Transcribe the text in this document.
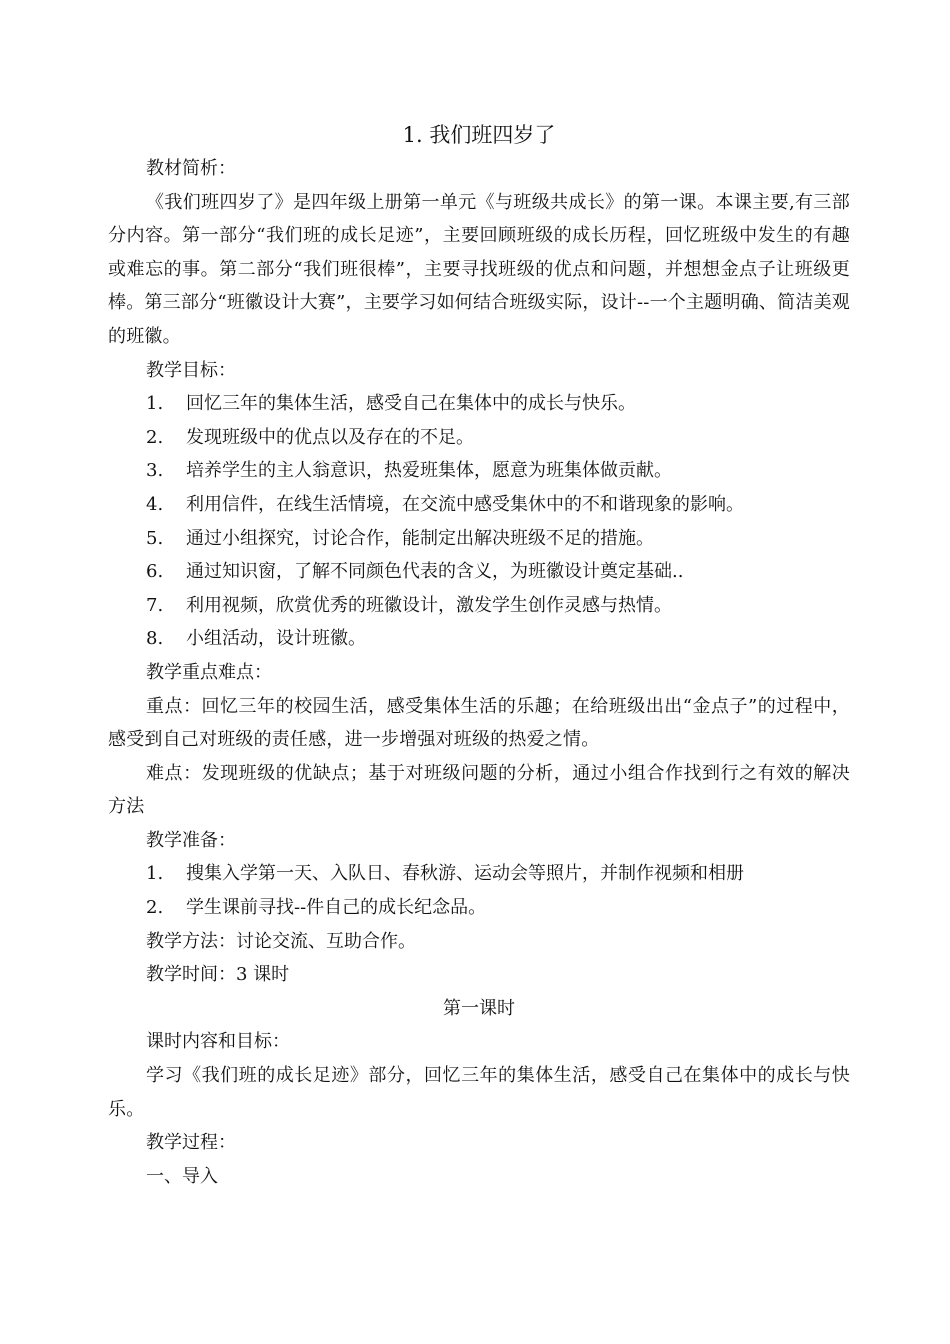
1. 我们班四岁了

教材简析：

《我们班四岁了》是四年级上册第一单元《与班级共成长》的第一课。本课主要,有三部分内容。第一部分“我们班的成长足迹”，主要回顾班级的成长历程，回忆班级中发生的有趣或难忘的事。第二部分“我们班很棒”，主要寻找班级的优点和问题，并想想金点子让班级更棒。第三部分“班徽设计大赛”，主要学习如何结合班级实际，设计--一个主题明确、简洁美观的班徽。

教学目标：

1. 回忆三年的集体生活，感受自己在集体中的成长与快乐。

2. 发现班级中的优点以及存在的不足。

3. 培养学生的主人翁意识，热爱班集体，愿意为班集体做贡献。

4. 利用信件，在线生活情境，在交流中感受集休中的不和谐现象的影响。

5. 通过小组探究，讨论合作，能制定出解决班级不足的措施。

6. 通过知识窗，了解不同颜色代表的含义，为班徽设计奠定基础..

7. 利用视频，欣赏优秀的班徽设计，激发学生创作灵感与热情。

8. 小组活动，设计班徽。

教学重点难点：

重点：回忆三年的校园生活，感受集体生活的乐趣；在给班级出出“金点子”的过程中，感受到自己对班级的责任感，进一步增强对班级的热爱之情。

难点：发现班级的优缺点；基于对班级问题的分析，通过小组合作找到行之有效的解决方法

教学准备：

1. 搜集入学第一天、入队日、春秋游、运动会等照片，并制作视频和相册

2. 学生课前寻找--件自己的成长纪念品。

教学方法：讨论交流、互助合作。

教学时间：3 课时

第一课时

课时内容和目标：

学习《我们班的成长足迹》部分，回忆三年的集体生活，感受自己在集体中的成长与快乐。

教学过程：

一、导入
